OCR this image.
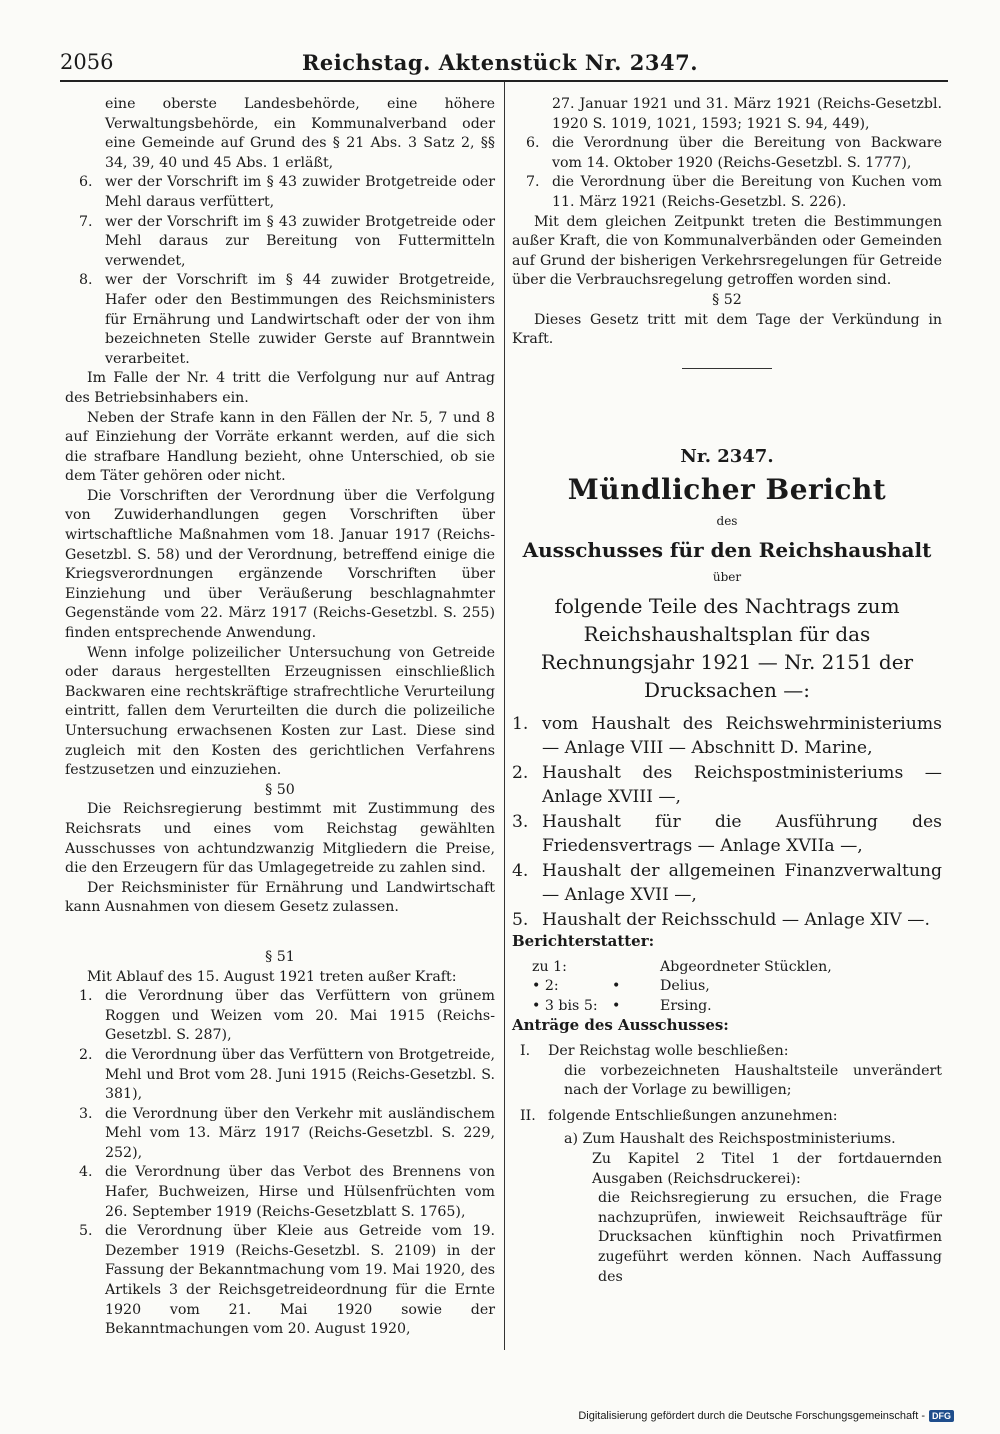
2056	Reichstag. Aktenstück Nr. 2347.

eine oberste Landesbehörde, eine höhere Verwaltungsbehörde, ein Kommunalverband oder eine Gemeinde auf Grund des § 21 Abs. 3 Satz 2, §§ 34, 39, 40 und 45 Abs. 1 erläßt,

6. wer der Vorschrift im § 43 zuwider Brotgetreide oder Mehl daraus verfüttert,
7. wer der Vorschrift im § 43 zuwider Brotgetreide oder Mehl daraus zur Bereitung von Futtermitteln verwendet,
8. wer der Vorschrift im § 44 zuwider Brotgetreide, Hafer oder den Bestimmungen des Reichsministers für Ernährung und Landwirtschaft oder der von ihm bezeichneten Stelle zuwider Gerste auf Branntwein verarbeitet.

Im Falle der Nr. 4 tritt die Verfolgung nur auf Antrag des Betriebsinhabers ein.

Neben der Strafe kann in den Fällen der Nr. 5, 7 und 8 auf Einziehung der Vorräte erkannt werden, auf die sich die strafbare Handlung bezieht, ohne Unterschied, ob sie dem Täter gehören oder nicht.

Die Vorschriften der Verordnung über die Verfolgung von Zuwiderhandlungen gegen Vorschriften über wirtschaftliche Maßnahmen vom 18. Januar 1917 (Reichs-Gesetzbl. S. 58) und der Verordnung, betreffend einige die Kriegsverordnungen ergänzende Vorschriften über Einziehung und über Veräußerung beschlagnahmter Gegenstände vom 22. März 1917 (Reichs-Gesetzbl. S. 255) finden entsprechende Anwendung.

Wenn infolge polizeilicher Untersuchung von Getreide oder daraus hergestellten Erzeugnissen einschließlich Backwaren eine rechtskräftige strafrechtliche Verurteilung eintritt, fallen dem Verurteilten die durch die polizeiliche Untersuchung erwachsenen Kosten zur Last. Diese sind zugleich mit den Kosten des gerichtlichen Verfahrens festzusetzen und einzuziehen.

§ 50

Die Reichsregierung bestimmt mit Zustimmung des Reichsrats und eines vom Reichstag gewählten Ausschusses von achtundzwanzig Mitgliedern die Preise, die den Erzeugern für das Umlagegetreide zu zahlen sind.

Der Reichsminister für Ernährung und Landwirtschaft kann Ausnahmen von diesem Gesetz zulassen.

§ 51

Mit Ablauf des 15. August 1921 treten außer Kraft:

1. die Verordnung über das Verfüttern von grünem Roggen und Weizen vom 20. Mai 1915 (Reichs-Gesetzbl. S. 287),
2. die Verordnung über das Verfüttern von Brotgetreide, Mehl und Brot vom 28. Juni 1915 (Reichs-Gesetzbl. S. 381),
3. die Verordnung über den Verkehr mit ausländischem Mehl vom 13. März 1917 (Reichs-Gesetzbl. S. 229, 252),
4. die Verordnung über das Verbot des Brennens von Hafer, Buchweizen, Hirse und Hülsenfrüchten vom 26. September 1919 (Reichs-Gesetzblatt S. 1765),
5. die Verordnung über Kleie aus Getreide vom 19. Dezember 1919 (Reichs-Gesetzbl. S. 2109) in der Fassung der Bekanntmachung vom 19. Mai 1920, des Artikels 3 der Reichsgetreideordnung für die Ernte 1920 vom 21. Mai 1920 sowie der Bekanntmachungen vom 20. August 1920,

27. Januar 1921 und 31. März 1921 (Reichs-Gesetzbl. 1920 S. 1019, 1021, 1593; 1921 S. 94, 449),

6. die Verordnung über die Bereitung von Backware vom 14. Oktober 1920 (Reichs-Gesetzbl. S. 1777),
7. die Verordnung über die Bereitung von Kuchen vom 11. März 1921 (Reichs-Gesetzbl. S. 226).

Mit dem gleichen Zeitpunkt treten die Bestimmungen außer Kraft, die von Kommunalverbänden oder Gemeinden auf Grund der bisherigen Verkehrsregelungen für Getreide über die Verbrauchsregelung getroffen worden sind.

§ 52

Dieses Gesetz tritt mit dem Tage der Verkündung in Kraft.

Nr. 2347.
Mündlicher Bericht
des
Ausschusses für den Reichshaushalt
über
folgende Teile des Nachtrags zum Reichshaushaltsplan für das Rechnungsjahr 1921 — Nr. 2151 der Drucksachen —:
1. vom Haushalt des Reichswehrministeriums — Anlage VIII — Abschnitt D. Marine,
2. Haushalt des Reichspostministeriums — Anlage XVIII —,
3. Haushalt für die Ausführung des Friedensvertrags — Anlage XVIIa —,
4. Haushalt der allgemeinen Finanzverwaltung — Anlage XVII —,
5. Haushalt der Reichsschuld — Anlage XIV —.

Berichterstatter:

zu 1:	Abgeordneter Stücklen,
• 2:	•	Delius,
• 3 bis 5:	•	Ersing.

Anträge des Ausschusses:

I. Der Reichstag wolle beschließen:

die vorbezeichneten Haushaltsteile unverändert nach der Vorlage zu bewilligen;

II. folgende Entschließungen anzunehmen:

a) Zum Haushalt des Reichspostministeriums.

Zu Kapitel 2 Titel 1 der fortdauernden Ausgaben (Reichsdruckerei):

die Reichsregierung zu ersuchen, die Frage nachzuprüfen, inwieweit Reichsaufträge für Drucksachen künftighin noch Privatfirmen zugeführt werden können. Nach Auffassung des

Digitalisierung gefördert durch die Deutsche Forschungsgemeinschaft - DFG
